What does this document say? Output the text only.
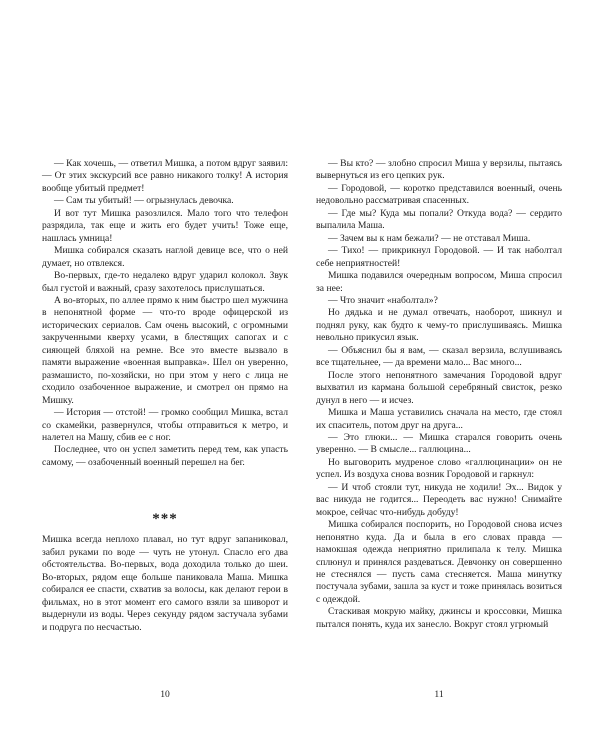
— Как хочешь, — ответил Мишка, а потом вдруг заявил: — От этих экскурсий все равно никакого толку! А история вообще убитый предмет!

— Сам ты убитый! — огрызнулась девочка.

И вот тут Мишка разозлился. Мало того что телефон разрядила, так еще и жить его будет учить! Тоже еще, нашлась умница!

Мишка собирался сказать наглой девице все, что о ней думает, но отвлекся.

Во-первых, где-то недалеко вдруг ударил колокол. Звук был густой и важный, сразу захотелось прислушаться.

А во-вторых, по аллее прямо к ним быстро шел мужчина в непонятной форме — что-то вроде офицерской из исторических сериалов. Сам очень высокий, с огромными закрученными кверху усами, в блестящих сапогах и с сияющей бляхой на ремне. Все это вместе вызвало в памяти выражение «военная выправка». Шел он уверенно, размашисто, по-хозяйски, но при этом у него с лица не сходило озабоченное выражение, и смотрел он прямо на Мишку.

— История — отстой! — громко сообщил Мишка, встал со скамейки, развернулся, чтобы отправиться к метро, и налетел на Машу, сбив ее с ног.

Последнее, что он успел заметить перед тем, как упасть самому, — озабоченный военный перешел на бег.

***

Мишка всегда неплохо плавал, но тут вдруг запаниковал, забил руками по воде — чуть не утонул. Спасло его два обстоятельства. Во-первых, вода доходила только до шеи. Во-вторых, рядом еще больше паниковала Маша. Мишка собирался ее спасти, схватив за волосы, как делают герои в фильмах, но в этот момент его самого взяли за шиворот и выдернули из воды. Через секунду рядом застучала зубами и подруга по несчастью.

— Вы кто? — злобно спросил Миша у верзилы, пытаясь вывернуться из его цепких рук.

— Городовой, — коротко представился военный, очень недовольно рассматривая спасенных.

— Где мы? Куда мы попали? Откуда вода? — сердито выпалила Маша.

— Зачем вы к нам бежали? — не отставал Миша.

— Тихо! — прикрикнул Городовой. — И так наболтал себе неприятностей!

Мишка подавился очередным вопросом, Миша спросил за нее:

— Что значит «наболтал»?

Но дядька и не думал отвечать, наоборот, шикнул и поднял руку, как будто к чему-то прислушиваясь. Мишка невольно прикусил язык.

— Объяснил бы я вам, — сказал верзила, вслушиваясь все тщательнее, — да времени мало... Вас много...

После этого непонятного замечания Городовой вдруг выхватил из кармана большой серебряный свисток, резко дунул в него — и исчез.

Мишка и Маша уставились сначала на место, где стоял их спаситель, потом друг на друга...

— Это глюки... — Мишка старался говорить очень уверенно. — В смысле... галлюцина...

Но выговорить мудреное слово «галлюцинации» он не успел. Из воздуха снова возник Городовой и гаркнул:

— И чтоб стояли тут, никуда не ходили! Эх... Видок у вас никуда не годится... Переодеть вас нужно! Снимайте мокрое, сейчас что-нибудь добуду!

Мишка собирался поспорить, но Городовой снова исчез непонятно куда. Да и была в его словах правда — намокшая одежда неприятно прилипала к телу. Мишка сплюнул и принялся раздеваться. Девчонку он совершенно не стеснялся — пусть сама стесняется. Маша минутку постучала зубами, зашла за куст и тоже принялась возиться с одеждой.

Стаскивая мокрую майку, джинсы и кроссовки, Мишка пытался понять, куда их занесло. Вокруг стоял угрюмый

10	11
